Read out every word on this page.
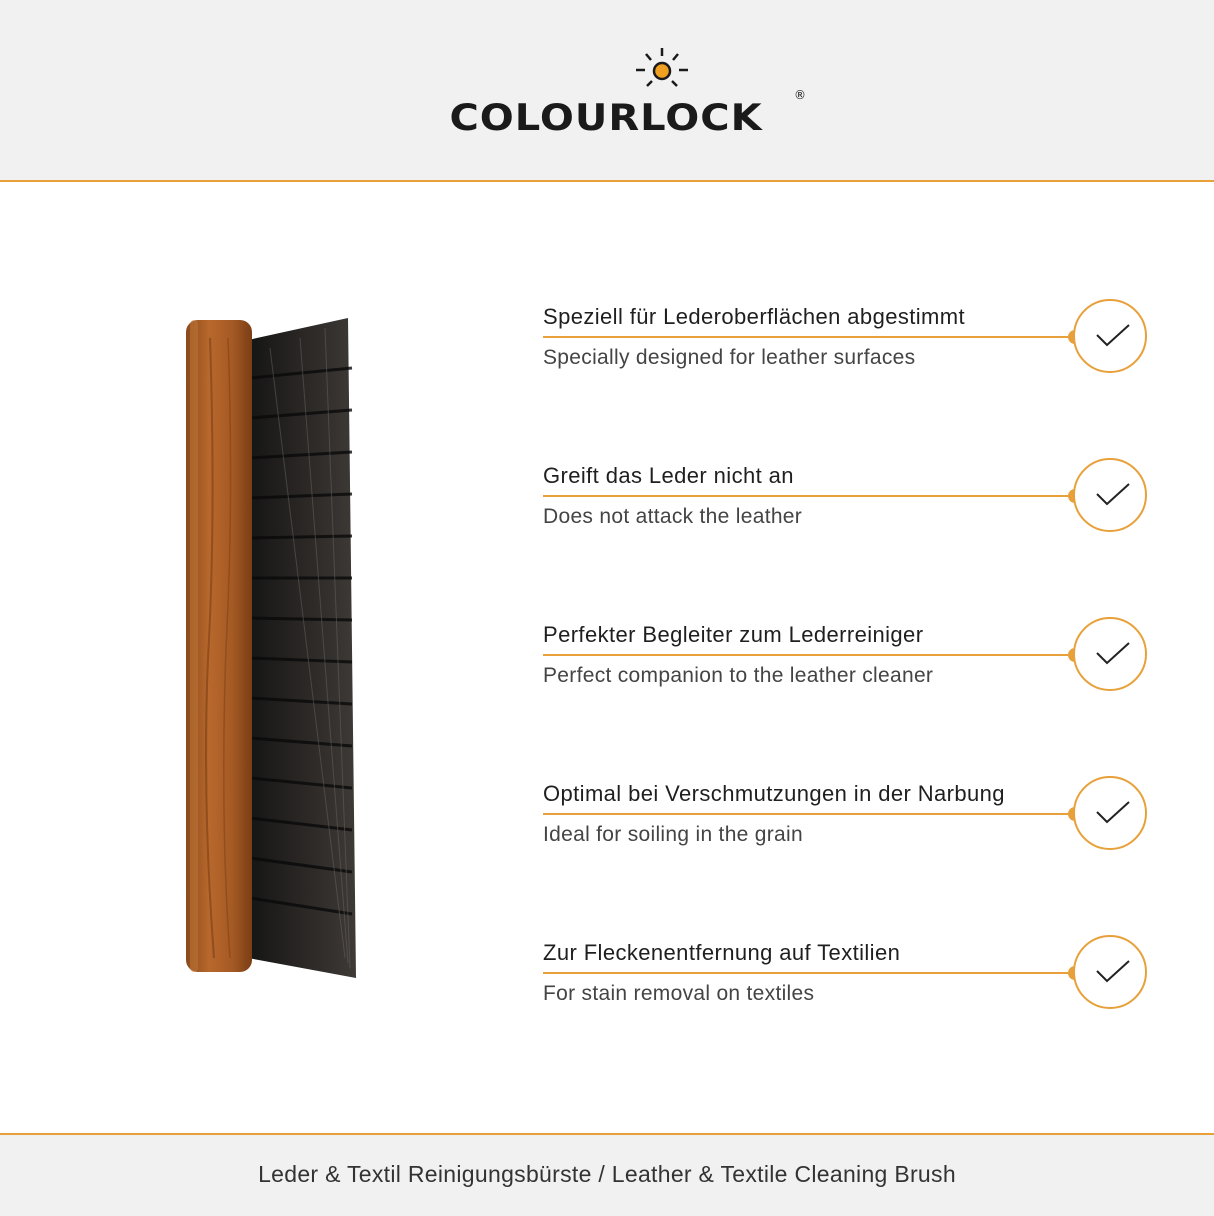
COLOURLOCK
®
Speziell für Lederoberflächen abgestimmt
Specially designed for leather surfaces
Greift das Leder nicht an
Does not attack the leather
Perfekter Begleiter zum Lederreiniger
Perfect companion to the leather cleaner
Optimal bei Verschmutzungen in der Narbung
Ideal for soiling in the grain
Zur Fleckenentfernung auf Textilien
For stain removal on textiles
Leder & Textil Reinigungsbürste / Leather & Textile Cleaning Brush
